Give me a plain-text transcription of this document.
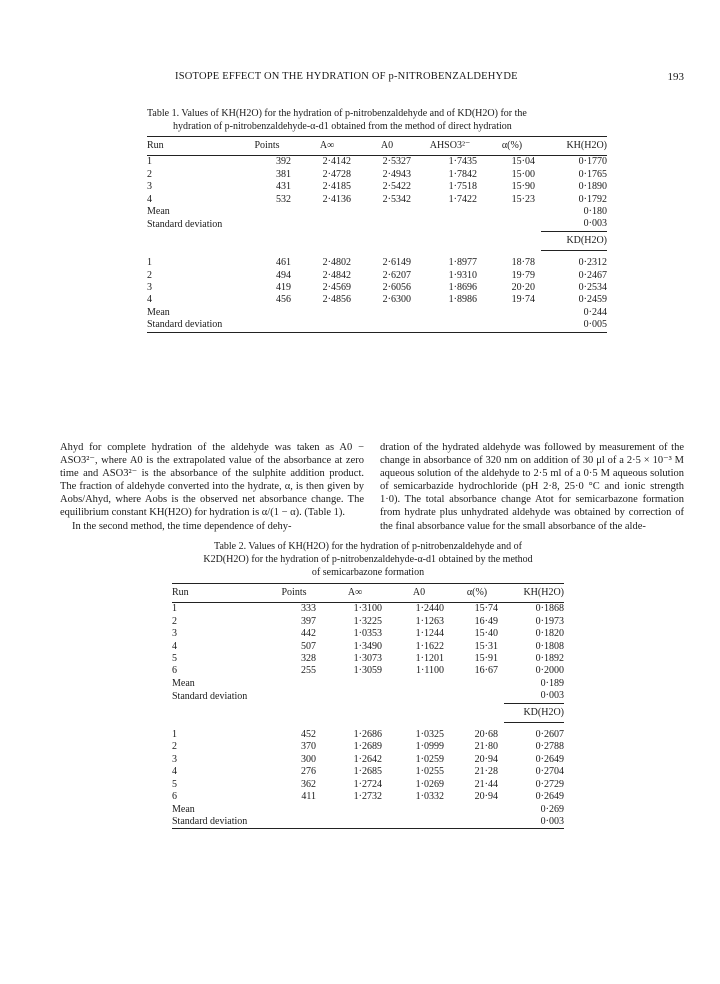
ISOTOPE EFFECT ON THE HYDRATION OF p-NITROBENZALDEHYDE	193
Table 1. Values of KH(H2O) for the hydration of p-nitrobenzaldehyde and of KD(H2O) for the
hydration of p-nitrobenzaldehyde-α-d1 obtained from the method of direct hydration
Run	Points	A∞	A0	AHSO3²⁻	α(%)	KH(H2O)
1	392	2·4142	2·5327	1·7435	15·04	0·1770
2	381	2·4728	2·4943	1·7842	15·00	0·1765
3	431	2·4185	2·5422	1·7518	15·90	0·1890
4	532	2·4136	2·5342	1·7422	15·23	0·1792
Mean						0·180
Standard deviation						0·003
						KD(H2O)

1	461	2·4802	2·6149	1·8977	18·78	0·2312
2	494	2·4842	2·6207	1·9310	19·79	0·2467
3	419	2·4569	2·6056	1·8696	20·20	0·2534
4	456	2·4856	2·6300	1·8986	19·74	0·2459
Mean						0·244
Standard deviation						0·005

Ahyd for complete hydration of the aldehyde was taken as A0 − ASO3²⁻, where A0 is the extrapolated value of the absorbance at zero time and ASO3²⁻ is the absorbance of the sulphite addition product. The fraction of aldehyde converted into the hydrate, α, is then given by Aobs/Ahyd, where Aobs is the observed net absorbance change. The equilibrium constant KH(H2O) for hydration is α/(1 − α). (Table 1).

In the second method, the time dependence of dehy-

dration of the hydrated aldehyde was followed by measurement of the change in absorbance of 320 nm on addition of 30 μl of a 2·5 × 10⁻³ M aqueous solution of the aldehyde to 2·5 ml of a 0·5 M aqueous solution of semicarbazide hydrochloride (pH 2·8, 25·0 °C and ionic strength 1·0). The total absorbance change Atot for semicarbazone formation from hydrate plus unhydrated aldehyde was obtained by correction of the final absorbance value for the small absorbance of the alde-

Table 2. Values of KH(H2O) for the hydration of p-nitrobenzaldehyde and of
K2D(H2O) for the hydration of p-nitrobenzaldehyde-α-d1 obtained by the method
of semicarbazone formation
Run	Points	A∞	A0	α(%)	KH(H2O)
1	333	1·3100	1·2440	15·74	0·1868
2	397	1·3225	1·1263	16·49	0·1973
3	442	1·0353	1·1244	15·40	0·1820
4	507	1·3490	1·1622	15·31	0·1808
5	328	1·3073	1·1201	15·91	0·1892
6	255	1·3059	1·1100	16·67	0·2000
Mean					0·189
Standard deviation					0·003
					KD(H2O)

1	452	1·2686	1·0325	20·68	0·2607
2	370	1·2689	1·0999	21·80	0·2788
3	300	1·2642	1·0259	20·94	0·2649
4	276	1·2685	1·0255	21·28	0·2704
5	362	1·2724	1·0269	21·44	0·2729
6	411	1·2732	1·0332	20·94	0·2649
Mean					0·269
Standard deviation					0·003
